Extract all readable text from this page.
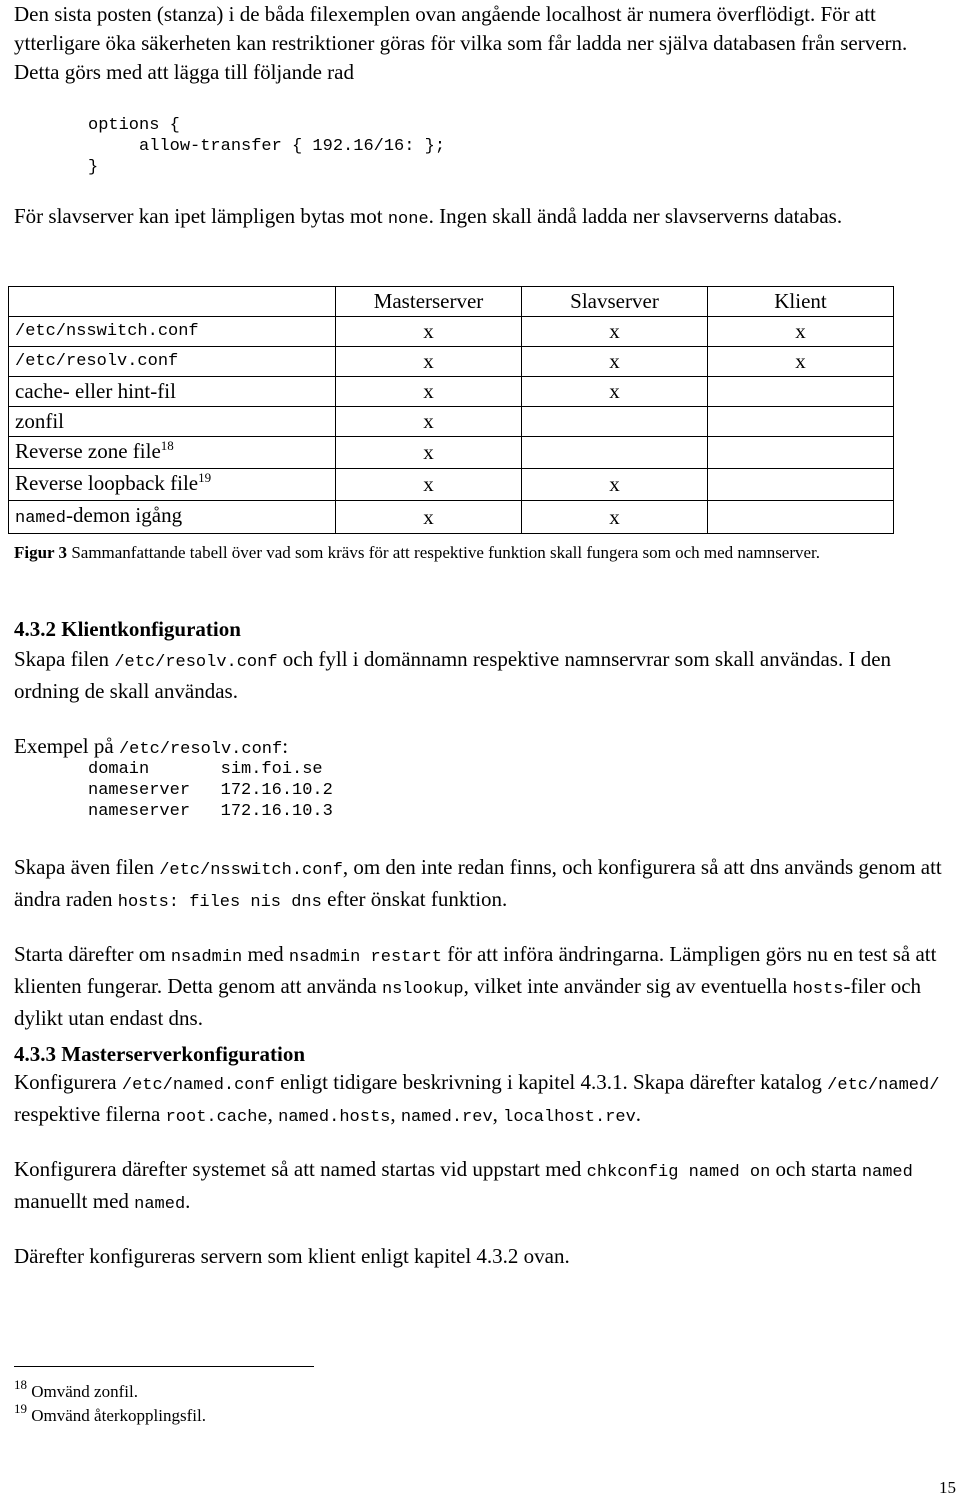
Den sista posten (stanza) i de båda filexemplen ovan angående localhost är numera överflödigt. För att ytterligare öka säkerheten kan restriktioner göras för vilka som får ladda ner själva databasen från servern. Detta görs med att lägga till följande rad

options {
allow-transfer { 192.16/16: };
}

För slavserver kan ipet lämpligen bytas mot none. Ingen skall ändå ladda ner slavserverns databas.

	Masterserver	Slavserver	Klient
/etc/nsswitch.conf	x	x	x
/etc/resolv.conf	x	x	x
cache- eller hint-fil	x	x	
zonfil	x		
Reverse zone file$^{18}$	x		
Reverse loopback file$^{19}$	x	x	
named-demon igång	x	x	

Figur 3 Sammanfattande tabell över vad som krävs för att respektive funktion skall fungera som och med namnserver.

4.3.2 Klientkonfiguration

Skapa filen /etc/resolv.conf och fyll i domännamn respektive namnservrar som skall användas. I den ordning de skall användas.

Exempel på /etc/resolv.conf:

domain       sim.foi.se
nameserver   172.16.10.2
nameserver   172.16.10.3

Skapa även filen /etc/nsswitch.conf, om den inte redan finns, och konfigurera så att dns används genom att ändra raden hosts: files nis dns efter önskat funktion.

Starta därefter om nsadmin med nsadmin restart för att införa ändringarna. Lämpligen görs nu en test så att klienten fungerar. Detta genom att använda nslookup, vilket inte använder sig av eventuella hosts-filer och dylikt utan endast dns.

4.3.3 Masterserverkonfiguration

Konfigurera /etc/named.conf enligt tidigare beskrivning i kapitel 4.3.1. Skapa därefter katalog /etc/named/ respektive filerna root.cache, named.hosts, named.rev, localhost.rev.

Konfigurera därefter systemet så att named startas vid uppstart med chkconfig named on och starta named manuellt med named.

Därefter konfigureras servern som klient enligt kapitel 4.3.2 ovan.

$^{18}$ Omvänd zonfil.

$^{19}$ Omvänd återkopplingsfil.

15
